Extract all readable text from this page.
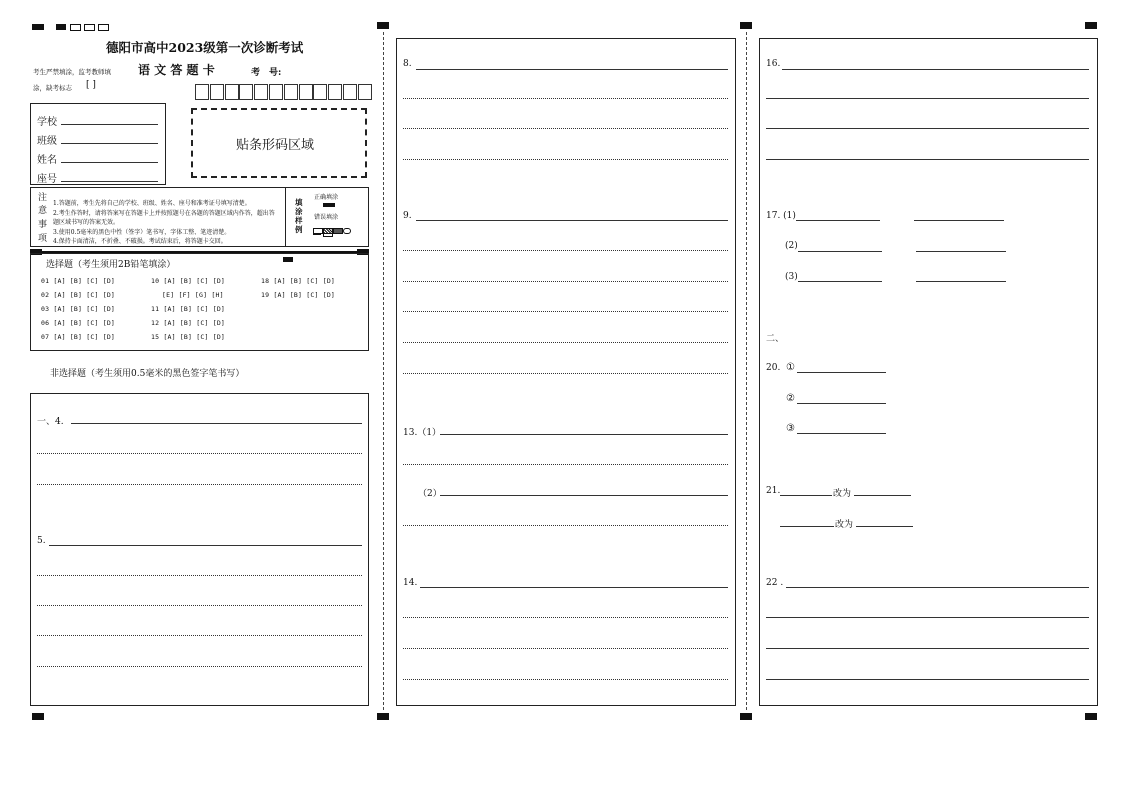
德阳市高中2023级第一次诊断考试
考生严禁填涂，监考教师填
涂，缺考标志 [ ]
语 文 答 题 卡	考　号:
学校
班级
姓名
座号
贴条形码区域
注
意
事
项
1.答题前，考生先将自己的学校、班级、姓名、座号和准考证号填写清楚。
2.考生作答时，请将答案写在答题卡上并按照题号在各题的答题区域内作答，超出答
题区域书写的答案无效。
3.使用0.5毫米的黑色中性（签字）笔书写，字体工整、笔迹清楚。
4.保持卡面清洁，不折叠、不破损。考试结束后，将答题卡交回。
填
涂
样
例
正确填涂
错误填涂
选择题（考生须用2B铅笔填涂）
01 [A] [B] [C] [D]
02 [A] [B] [C] [D]
03 [A] [B] [C] [D]
06 [A] [B] [C] [D]
07 [A] [B] [C] [D]
10 [A] [B] [C] [D]
[E] [F] [G] [H]
11 [A] [B] [C] [D]
12 [A] [B] [C] [D]
15 [A] [B] [C] [D]
18 [A] [B] [C] [D]
19 [A] [B] [C] [D]
非选择题（考生须用0.5毫米的黑色签字笔书写）
一、4.
5.
8.
9.
13.（1）
（2）
14.
16.
17. (1)
(2)
(3)
二、
20. ①
②
③
21.	改为
改为
22 .
